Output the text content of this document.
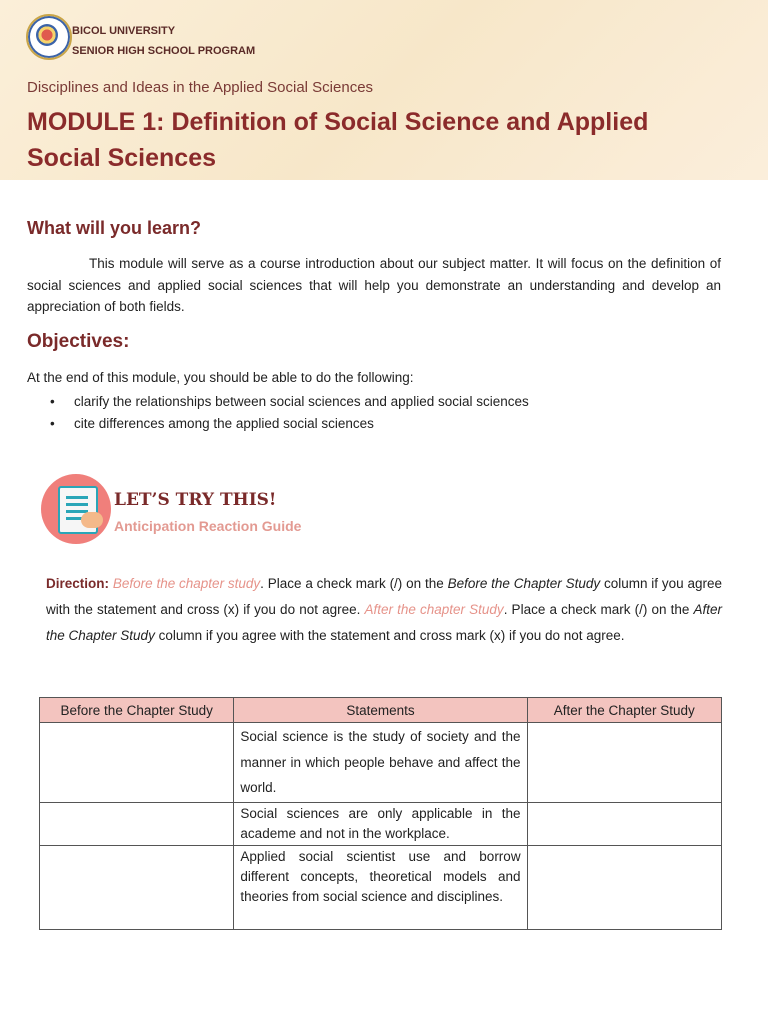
BICOL UNIVERSITY
SENIOR HIGH SCHOOL PROGRAM
Disciplines and Ideas in the Applied Social Sciences
MODULE 1: Definition of Social Science and Applied Social Sciences
What will you learn?
This module will serve as a course introduction about our subject matter. It will focus on the definition of social sciences and applied social sciences that will help you demonstrate an understanding and develop an appreciation of both fields.
Objectives:
At the end of this module, you should be able to do the following:
• clarify the relationships between social sciences and applied social sciences
• cite differences among the applied social sciences
LET’S TRY THIS!
Anticipation Reaction Guide
Direction: Before the chapter study. Place a check mark (/) on the Before the Chapter Study column if you agree with the statement and cross (x) if you do not agree. After the chapter Study. Place a check mark (/) on the After the Chapter Study column if you agree with the statement and cross mark (x) if you do not agree.
Before the Chapter Study	Statements	After the Chapter Study
	Social science is the study of society and the manner in which people behave and affect the world.	
	Social sciences are only applicable in the academe and not in the workplace.	
	Applied social scientist use and borrow different concepts, theoretical models and theories from social science and disciplines.	
